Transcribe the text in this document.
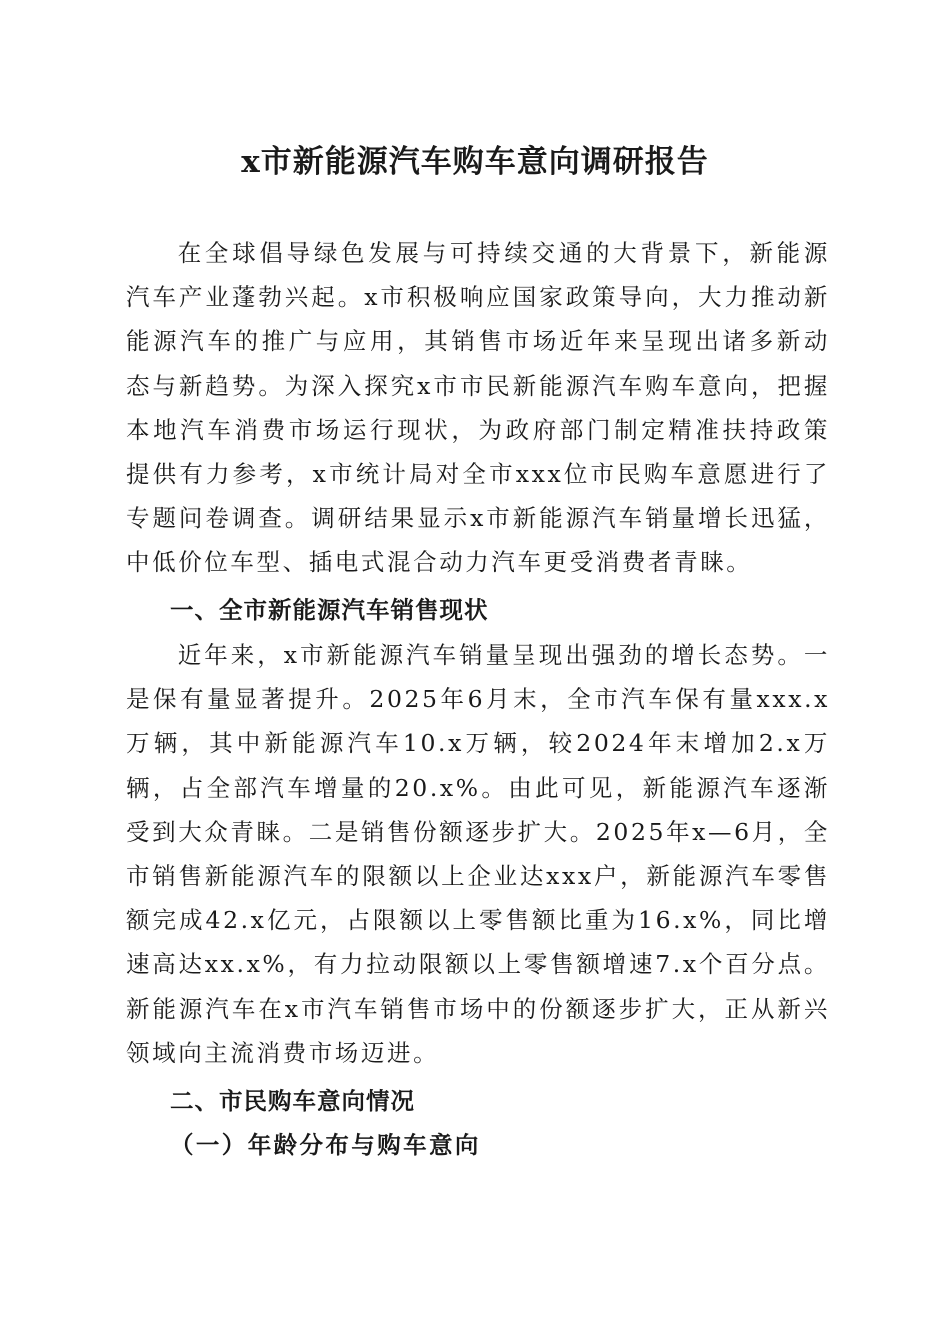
x市新能源汽车购车意向调研报告

在全球倡导绿色发展与可持续交通的大背景下，新能源汽车产业蓬勃兴起。x市积极响应国家政策导向，大力推动新能源汽车的推广与应用，其销售市场近年来呈现出诸多新动态与新趋势。为深入探究x市市民新能源汽车购车意向，把握本地汽车消费市场运行现状，为政府部门制定精准扶持政策提供有力参考，x市统计局对全市xxx位市民购车意愿进行了专题问卷调查。调研结果显示x市新能源汽车销量增长迅猛，中低价位车型、插电式混合动力汽车更受消费者青睐。

一、全市新能源汽车销售现状

近年来，x市新能源汽车销量呈现出强劲的增长态势。一是保有量显著提升。2025年6月末，全市汽车保有量xxx.x万辆，其中新能源汽车10.x万辆，较2024年末增加2.x万辆，占全部汽车增量的20.x%。由此可见，新能源汽车逐渐受到大众青睐。二是销售份额逐步扩大。2025年x—6月，全市销售新能源汽车的限额以上企业达xxx户，新能源汽车零售额完成42.x亿元，占限额以上零售额比重为16.x%，同比增速高达xx.x%，有力拉动限额以上零售额增速7.x个百分点。新能源汽车在x市汽车销售市场中的份额逐步扩大，正从新兴领域向主流消费市场迈进。

二、市民购车意向情况
（一）年龄分布与购车意向
